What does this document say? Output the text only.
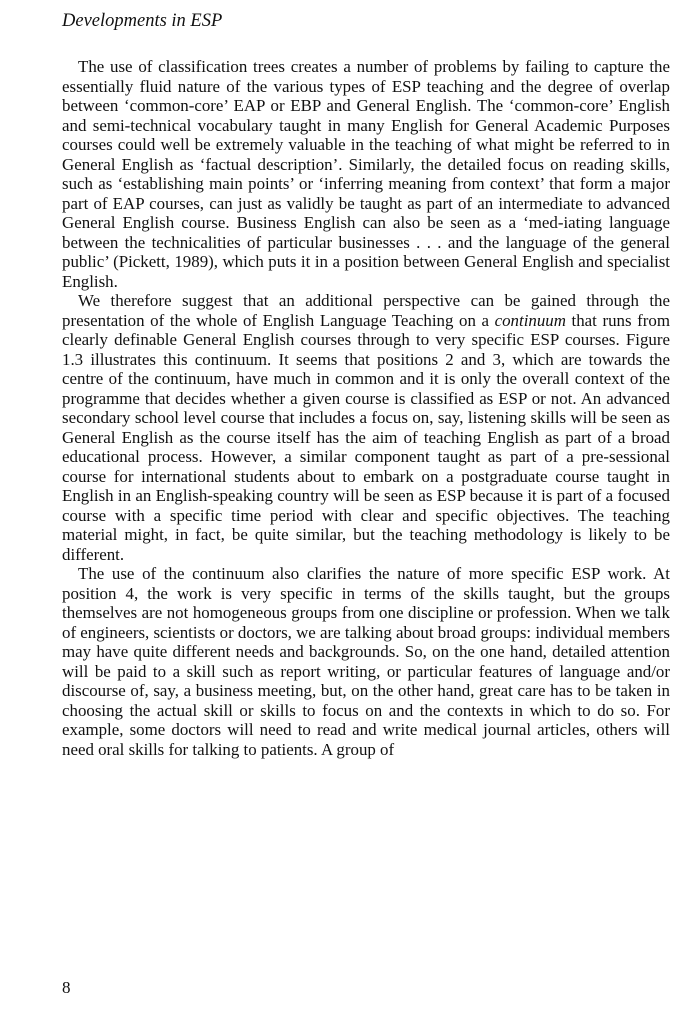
Developments in ESP

The use of classification trees creates a number of problems by failing to capture the essentially fluid nature of the various types of ESP teaching and the degree of overlap between ‘common-core’ EAP or EBP and General English. The ‘common-core’ English and semi-technical vocabulary taught in many English for General Academic Purposes courses could well be extremely valuable in the teaching of what might be referred to in General English as ‘factual description’. Similarly, the detailed focus on reading skills, such as ‘establishing main points’ or ‘inferring meaning from context’ that form a major part of EAP courses, can just as validly be taught as part of an intermediate to advanced General English course. Business English can also be seen as a ‘med-iating language between the technicalities of particular businesses . . . and the language of the general public’ (Pickett, 1989), which puts it in a position between General English and specialist English.

We therefore suggest that an additional perspective can be gained through the presentation of the whole of English Language Teaching on a continuum that runs from clearly definable General English courses through to very specific ESP courses. Figure 1.3 illustrates this continuum. It seems that positions 2 and 3, which are towards the centre of the continuum, have much in common and it is only the overall context of the programme that decides whether a given course is classified as ESP or not. An advanced secondary school level course that includes a focus on, say, listening skills will be seen as General English as the course itself has the aim of teaching English as part of a broad educational process. However, a similar component taught as part of a pre-sessional course for international students about to embark on a postgraduate course taught in English in an English-speaking country will be seen as ESP because it is part of a focused course with a specific time period with clear and specific objectives. The teaching material might, in fact, be quite similar, but the teaching methodology is likely to be different.

The use of the continuum also clarifies the nature of more specific ESP work. At position 4, the work is very specific in terms of the skills taught, but the groups themselves are not homogeneous groups from one discipline or profession. When we talk of engineers, scientists or doctors, we are talking about broad groups: individual members may have quite different needs and backgrounds. So, on the one hand, detailed attention will be paid to a skill such as report writing, or particular features of language and/or discourse of, say, a business meeting, but, on the other hand, great care has to be taken in choosing the actual skill or skills to focus on and the contexts in which to do so. For example, some doctors will need to read and write medical journal articles, others will need oral skills for talking to patients. A group of

8
